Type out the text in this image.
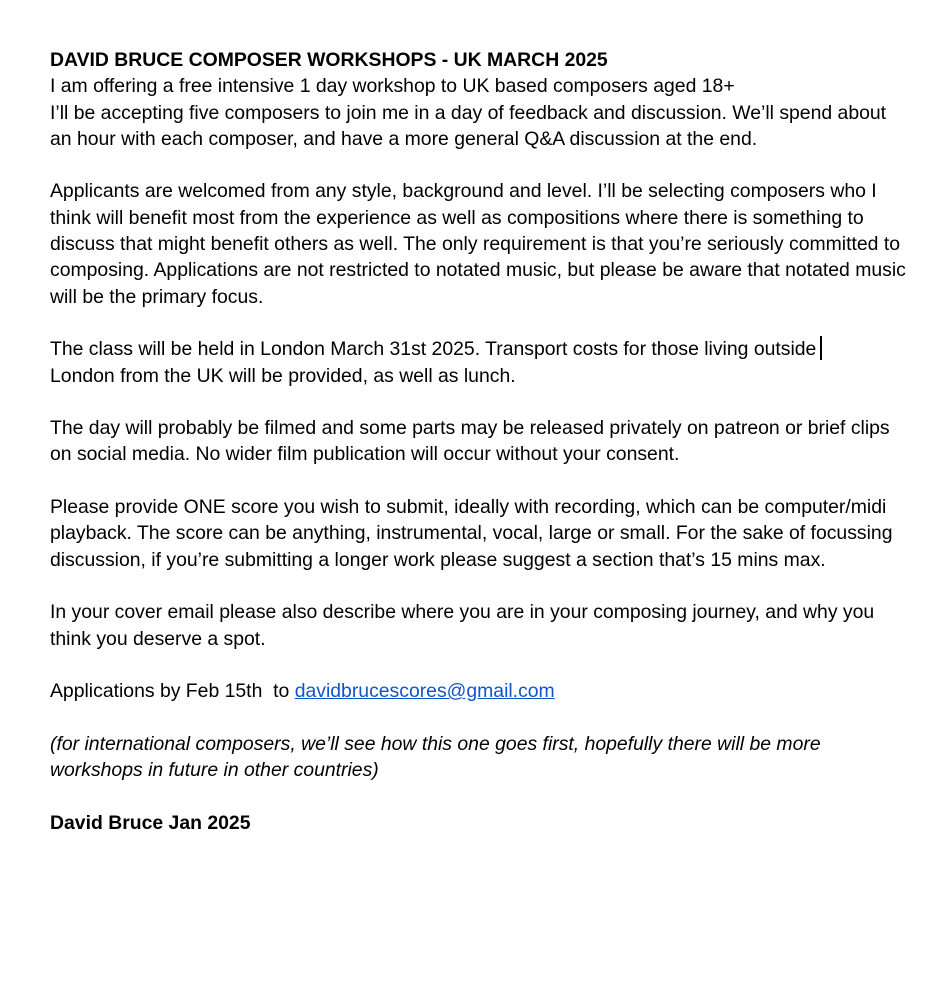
DAVID BRUCE COMPOSER WORKSHOPS - UK MARCH 2025

I am offering a free intensive 1 day workshop to UK based composers aged 18+

I’ll be accepting five composers to join me in a day of feedback and discussion. We’ll spend about an hour with each composer, and have a more general Q&A discussion at the end.

Applicants are welcomed from any style, background and level. I’ll be selecting composers who I think will benefit most from the experience as well as compositions where there is something to discuss that might benefit others as well. The only requirement is that you’re seriously committed to composing. Applications are not restricted to notated music, but please be aware that notated music will be the primary focus.

The class will be held in London March 31st 2025. Transport costs for those living outside
London from the UK will be provided, as well as lunch.

The day will probably be filmed and some parts may be released privately on patreon or brief clips on social media. No wider film publication will occur without your consent.

Please provide ONE score you wish to submit, ideally with recording, which can be computer/midi playback. The score can be anything, instrumental, vocal, large or small. For the sake of focussing discussion, if you’re submitting a longer work please suggest a section that’s 15 mins max.

In your cover email please also describe where you are in your composing journey, and why you think you deserve a spot.

Applications by Feb 15th  to davidbrucescores@gmail.com

(for international composers, we’ll see how this one goes first, hopefully there will be more workshops in future in other countries)

David Bruce Jan 2025
